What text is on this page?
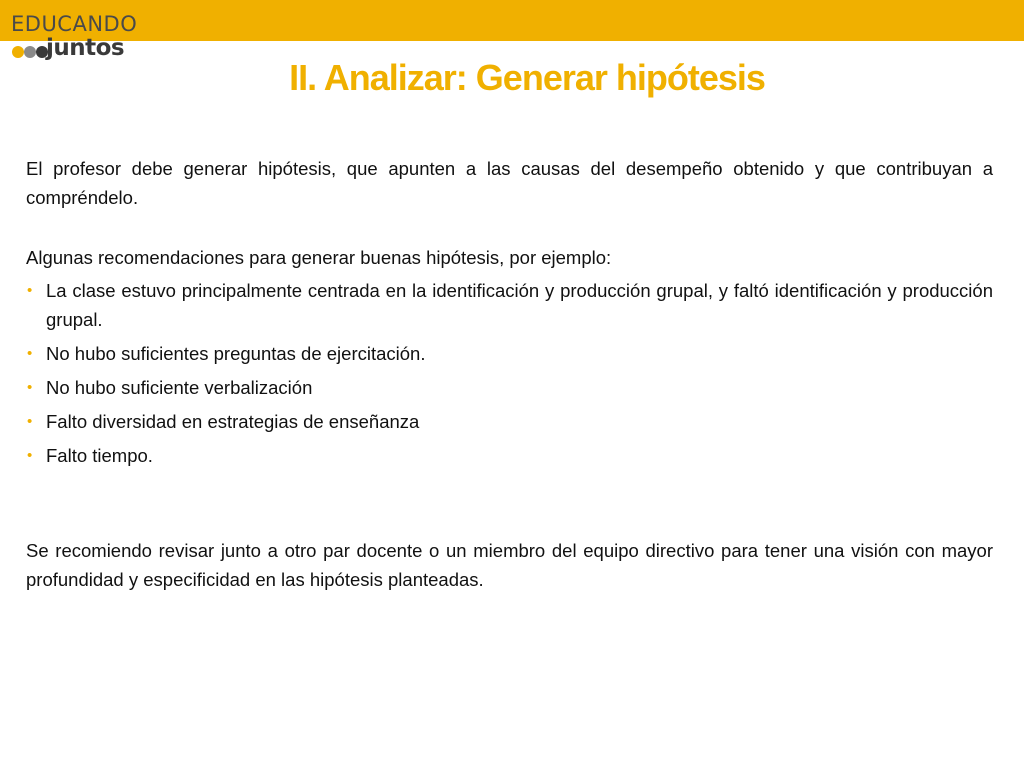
EDUCANDO
juntos
II. Analizar: Generar hipótesis

El profesor debe generar hipótesis, que apunten a las causas del desempeño obtenido y que contribuyan a compréndelo.

Algunas recomendaciones para generar buenas hipótesis, por ejemplo:

• La clase estuvo principalmente centrada en la identificación y producción grupal, y faltó identificación y producción grupal.
• No hubo suficientes preguntas de ejercitación.
• No hubo suficiente verbalización
• Falto diversidad en estrategias de enseñanza
• Falto tiempo.

Se recomiendo revisar junto a otro par docente o un miembro del equipo directivo para tener una visión con mayor profundidad y especificidad en las hipótesis planteadas.
